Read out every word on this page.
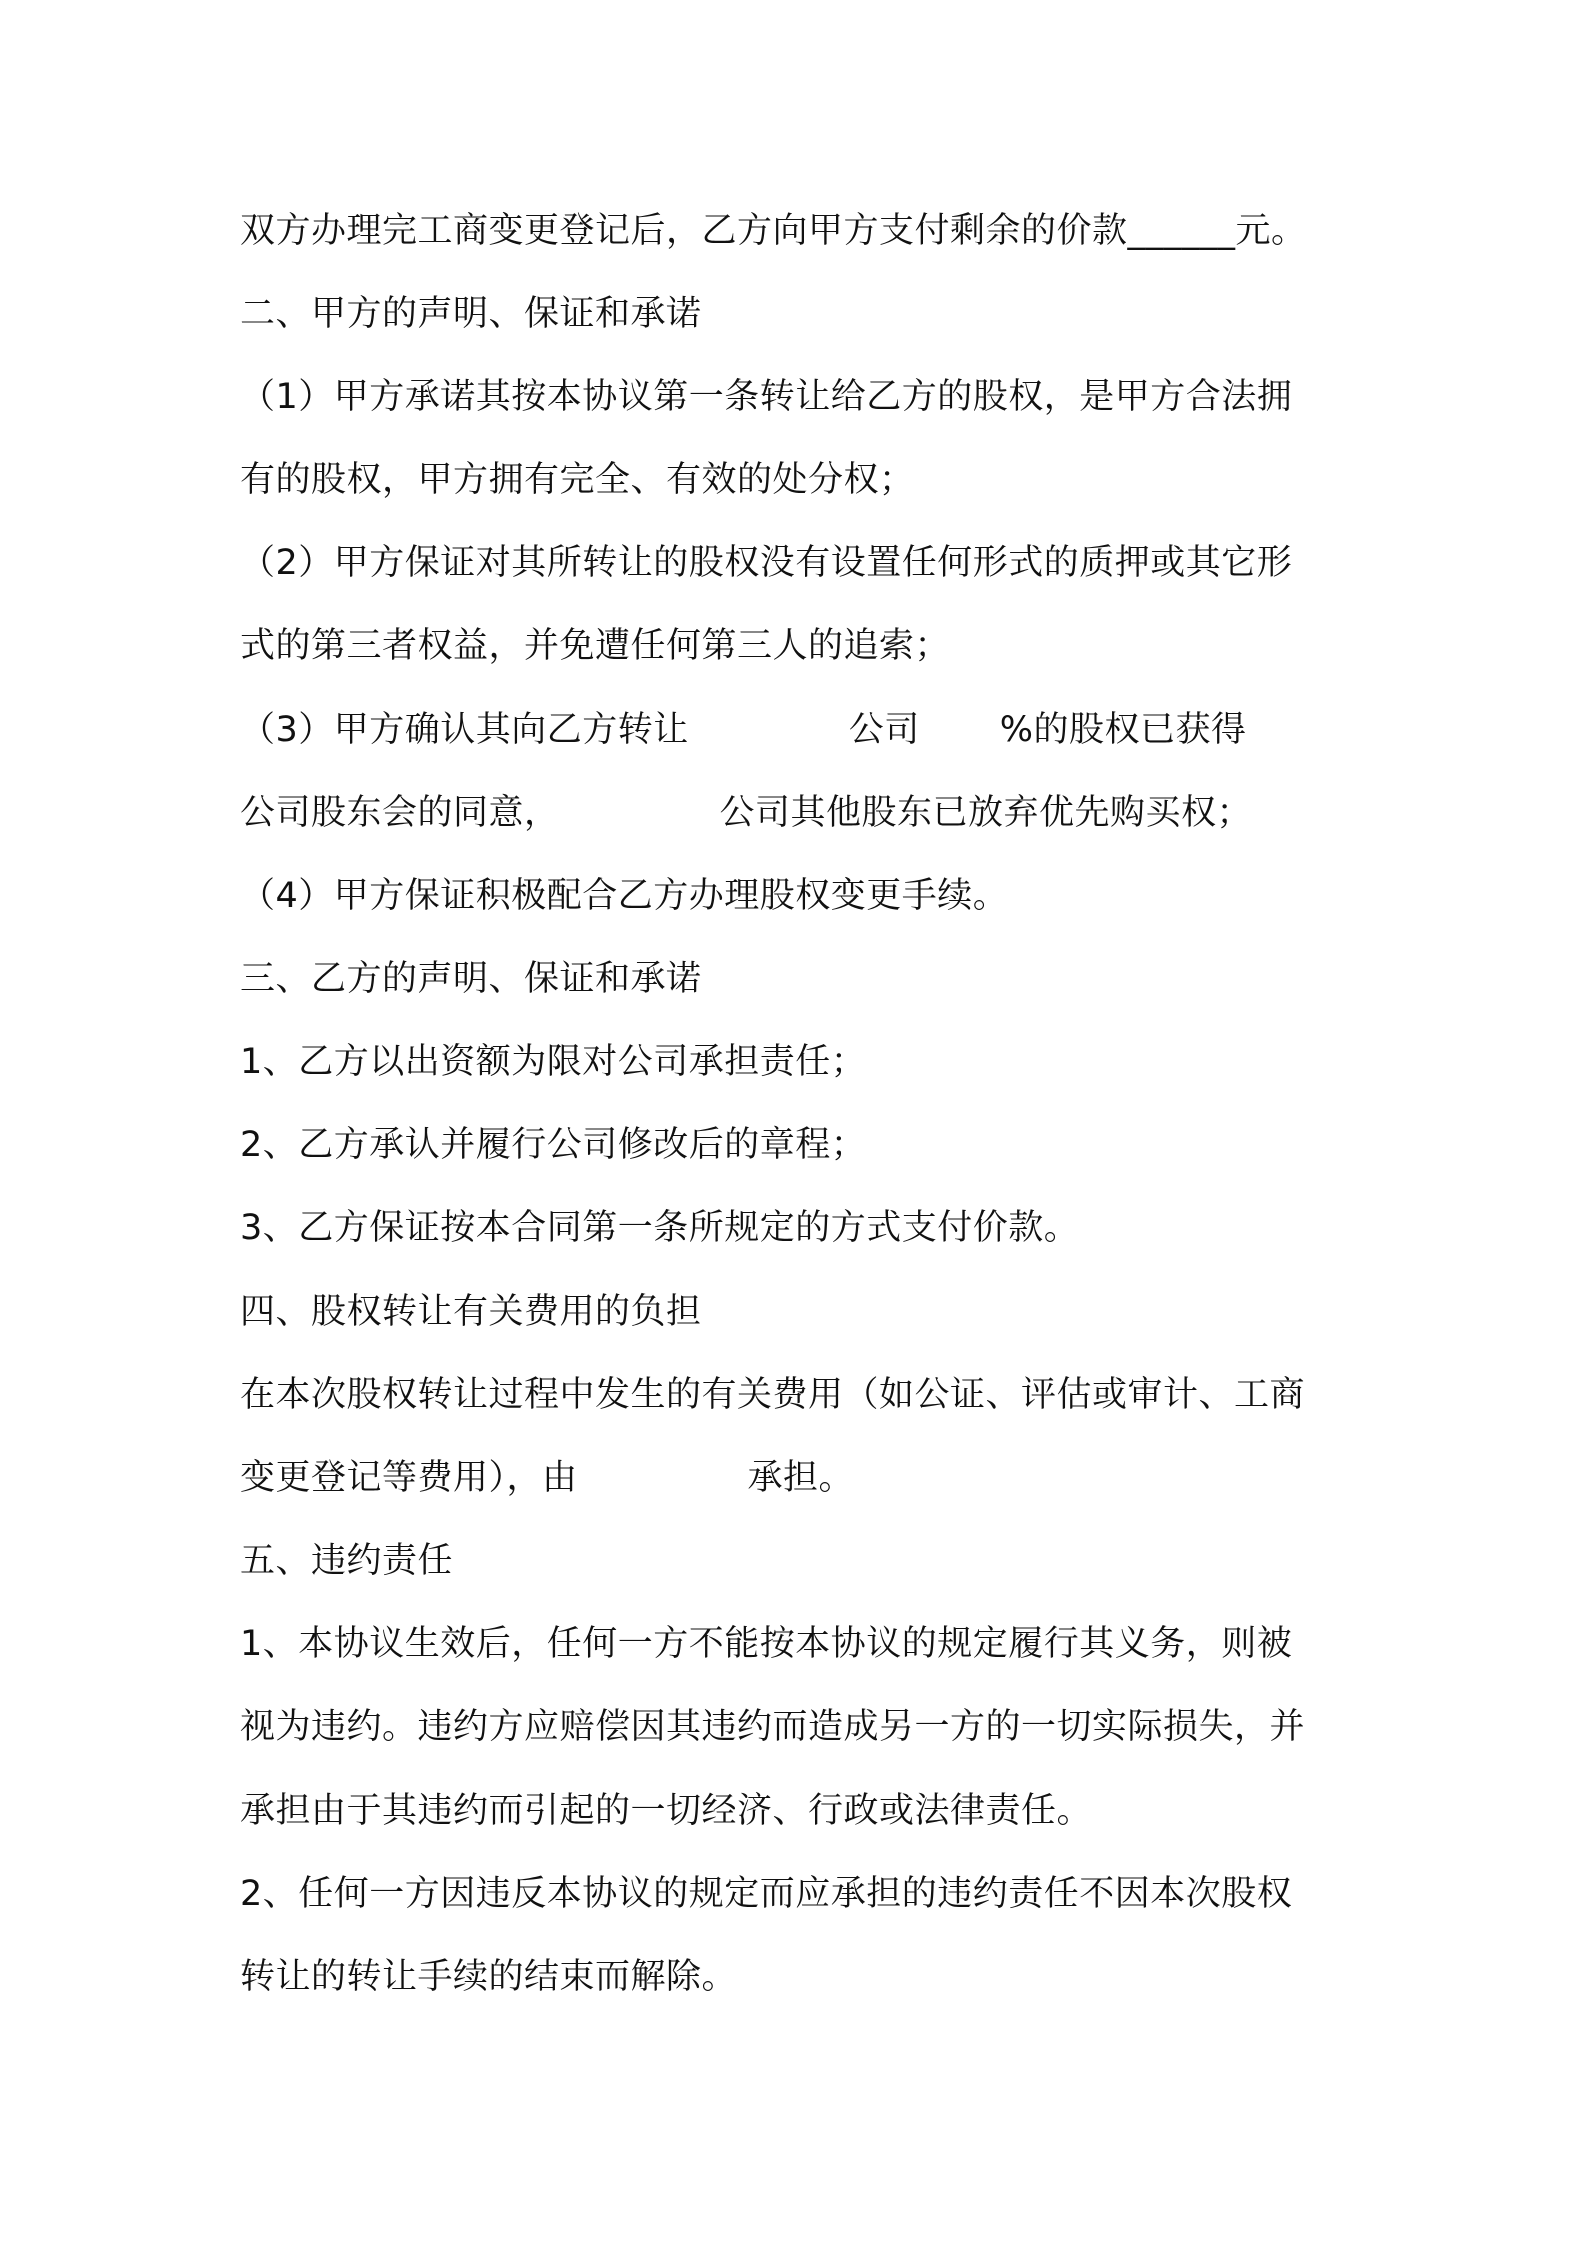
双方办理完工商变更登记后，乙方向甲方支付剩余的价款______元。
二、甲方的声明、保证和承诺
（1）甲方承诺其按本协议第一条转让给乙方的股权，是甲方合法拥
有的股权，甲方拥有完全、有效的处分权；
（2）甲方保证对其所转让的股权没有设置任何形式的质押或其它形
式的第三者权益，并免遭任何第三人的追索；
（3）甲方确认其向乙方转让	公司 %的股权已获得
公司股东会的同意，	公司其他股东已放弃优先购买权；
（4）甲方保证积极配合乙方办理股权变更手续。
三、乙方的声明、保证和承诺
1、乙方以出资额为限对公司承担责任；
2、乙方承认并履行公司修改后的章程；
3、乙方保证按本合同第一条所规定的方式支付价款。
四、股权转让有关费用的负担
在本次股权转让过程中发生的有关费用（如公证、评估或审计、工商
变更登记等费用），由	承担。
五、违约责任
1、本协议生效后，任何一方不能按本协议的规定履行其义务，则被
视为违约。违约方应赔偿因其违约而造成另一方的一切实际损失，并
承担由于其违约而引起的一切经济、行政或法律责任。
2、任何一方因违反本协议的规定而应承担的违约责任不因本次股权
转让的转让手续的结束而解除。
